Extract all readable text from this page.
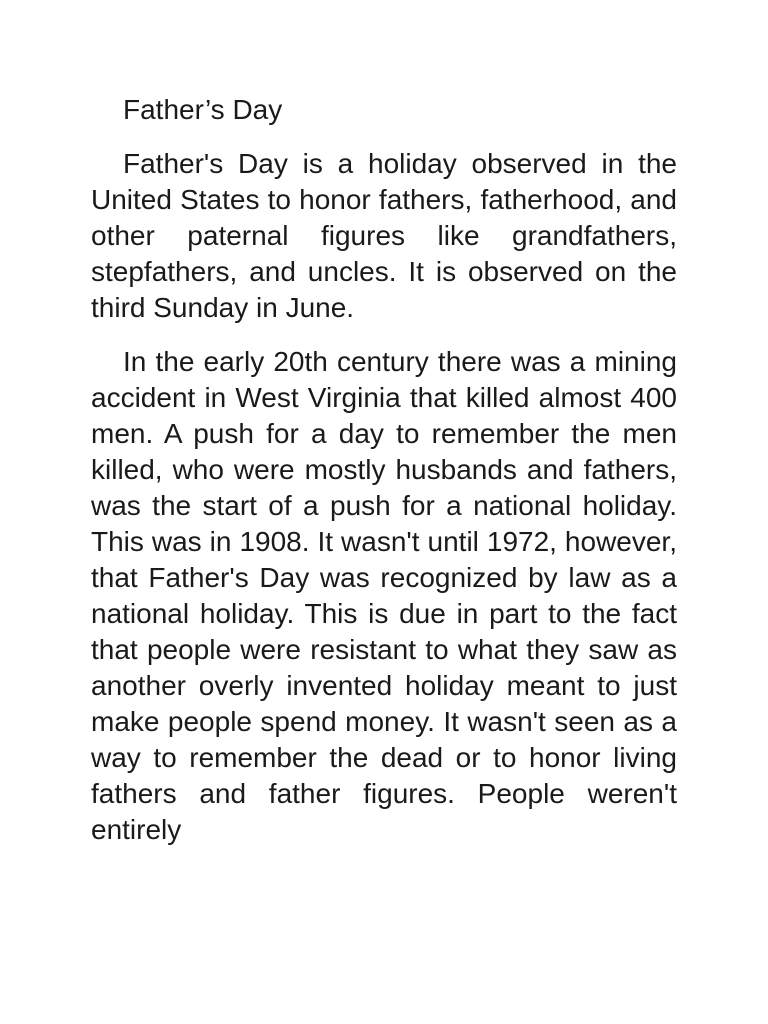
Father’s Day

Father's Day is a holiday observed in the United States to honor fathers, fatherhood, and other paternal figures like grandfathers, stepfathers, and uncles. It is observed on the third Sunday in June.

In the early 20th century there was a mining accident in West Virginia that killed almost 400 men. A push for a day to remember the men killed, who were mostly husbands and fathers, was the start of a push for a national holiday. This was in 1908. It wasn't until 1972, however, that Father's Day was recognized by law as a national holiday. This is due in part to the fact that people were resistant to what they saw as another overly invented holiday meant to just make people spend money. It wasn't seen as a way to remember the dead or to honor living fathers and father figures. People weren't entirely
